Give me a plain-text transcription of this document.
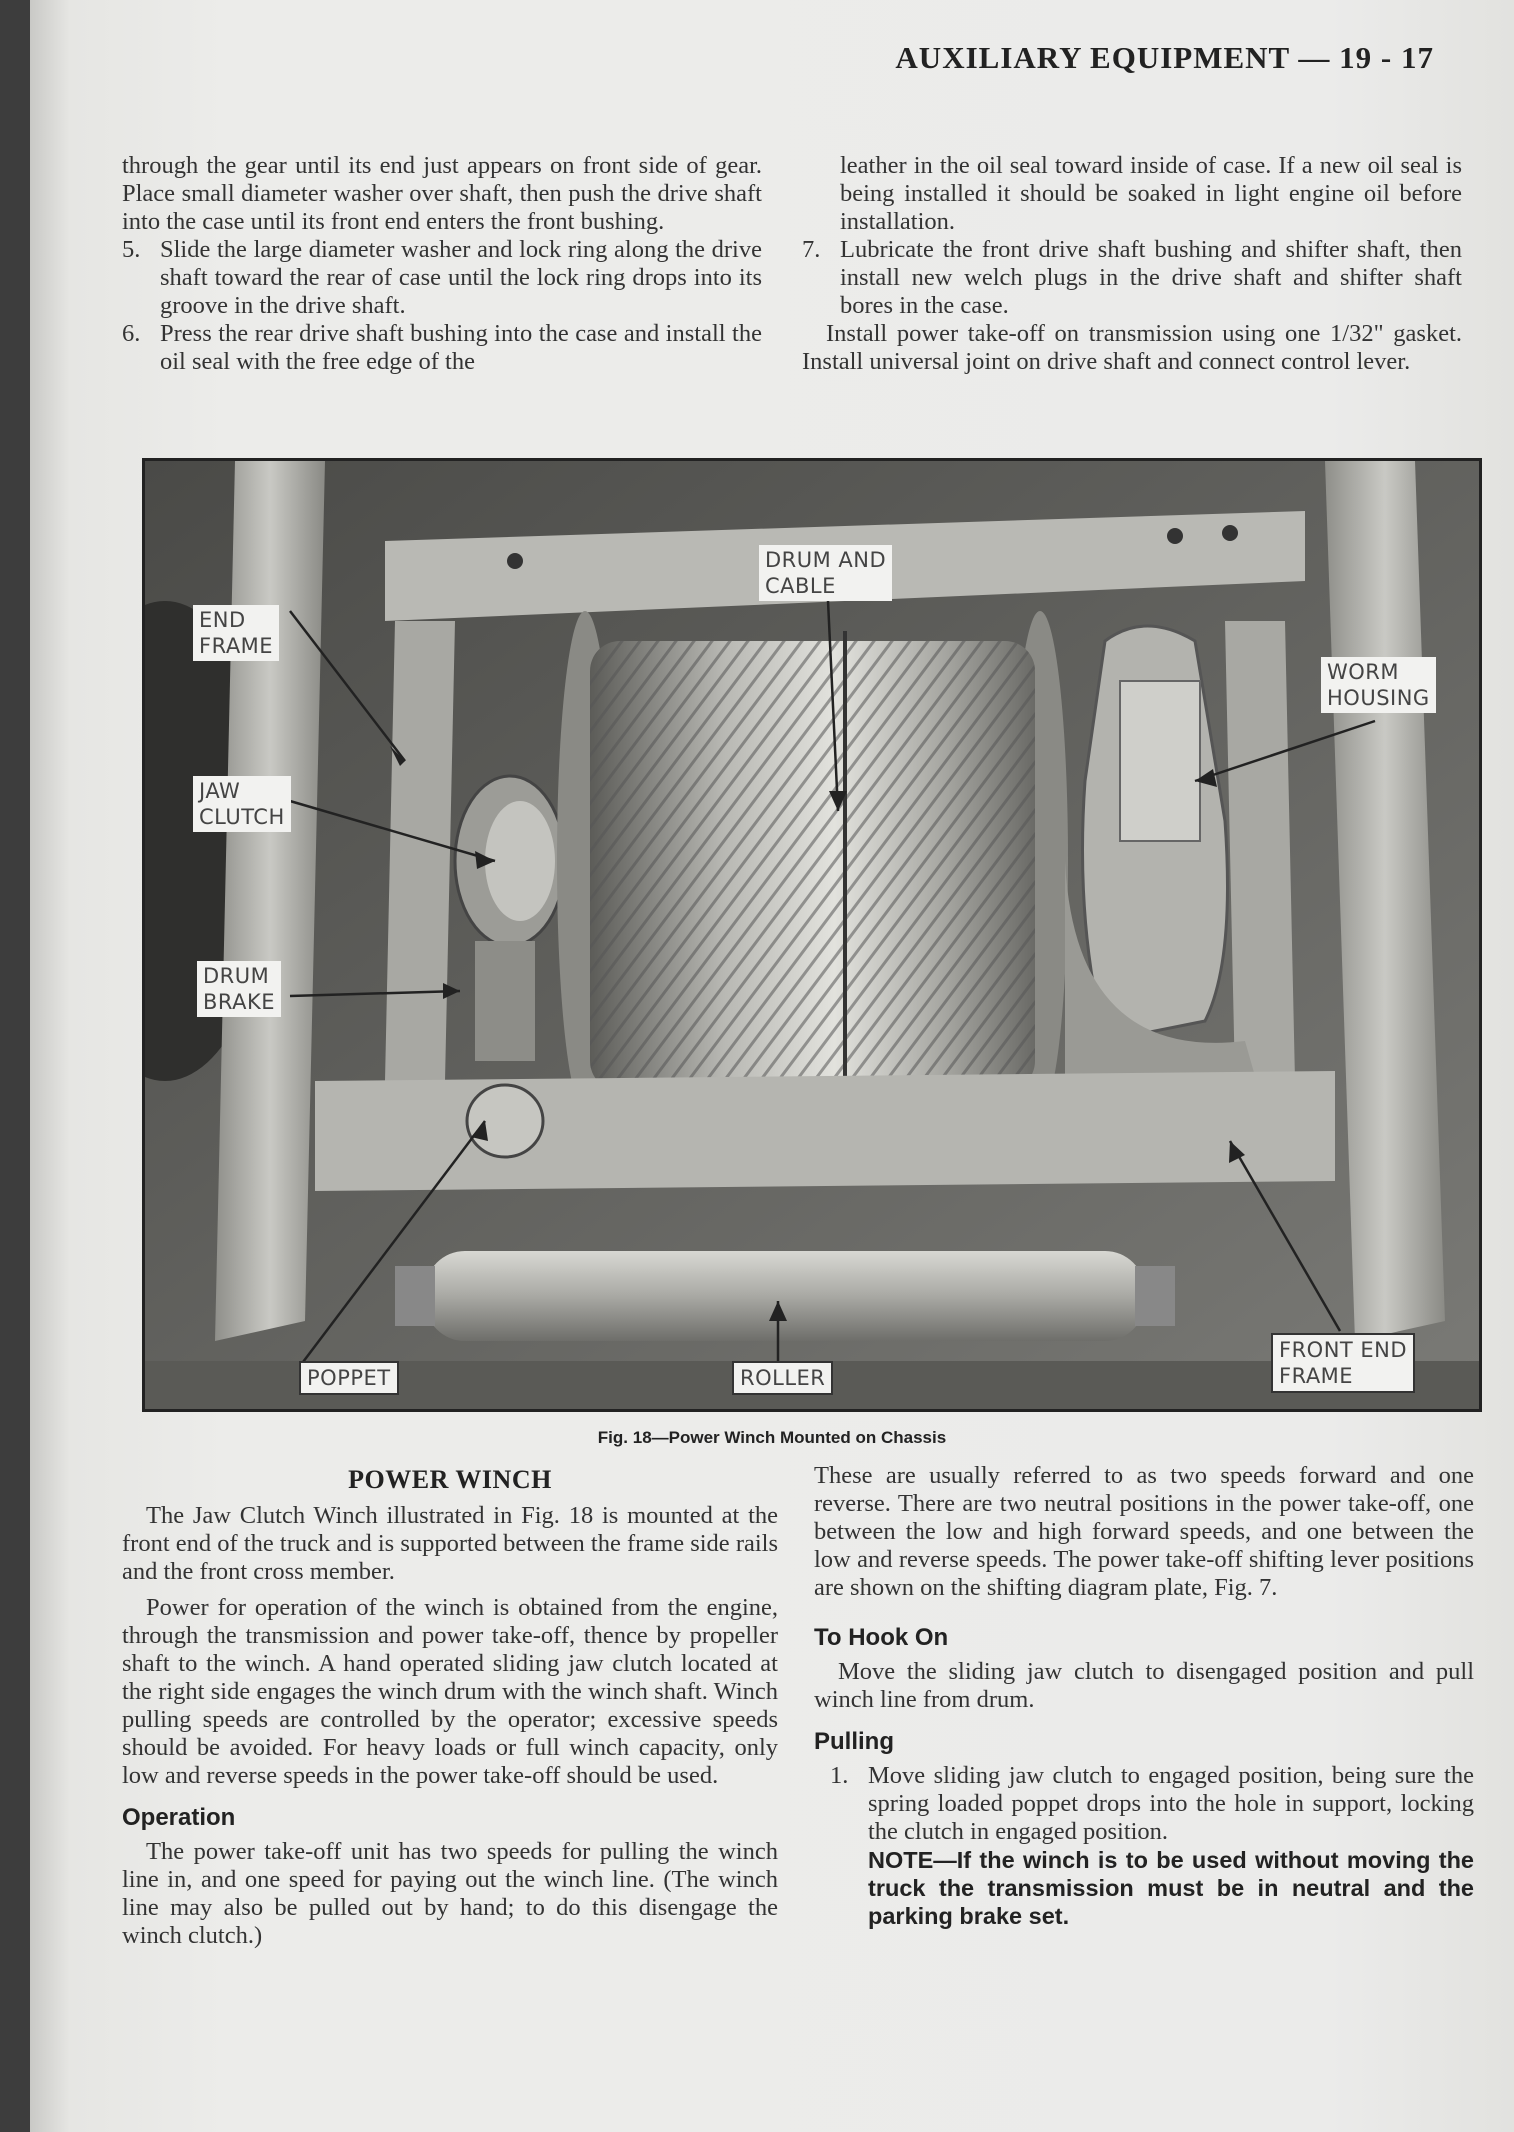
AUXILIARY EQUIPMENT — 19 - 17

through the gear until its end just appears on front side of gear. Place small diameter washer over shaft, then push the drive shaft into the case until its front end enters the front bushing.

5. Slide the large diameter washer and lock ring along the drive shaft toward the rear of case until the lock ring drops into its groove in the drive shaft.

6. Press the rear drive shaft bushing into the case and install the oil seal with the free edge of the

leather in the oil seal toward inside of case. If a new oil seal is being installed it should be soaked in light engine oil before installation.

7. Lubricate the front drive shaft bushing and shifter shaft, then install new welch plugs in the drive shaft and shifter shaft bores in the case.

Install power take-off on transmission using one 1/32" gasket. Install universal joint on drive shaft and connect control lever.

END
FRAME
JAW
CLUTCH
DRUM
BRAKE
DRUM AND
CABLE
WORM
HOUSING
POPPET	ROLLER
FRONT END
FRAME
Fig. 18—Power Winch Mounted on Chassis

POWER WINCH

The Jaw Clutch Winch illustrated in Fig. 18 is mounted at the front end of the truck and is supported between the frame side rails and the front cross member.

Power for operation of the winch is obtained from the engine, through the transmission and power take-off, thence by propeller shaft to the winch. A hand operated sliding jaw clutch located at the right side engages the winch drum with the winch shaft. Winch pulling speeds are controlled by the operator; excessive speeds should be avoided. For heavy loads or full winch capacity, only low and reverse speeds in the power take-off should be used.

Operation

The power take-off unit has two speeds for pulling the winch line in, and one speed for paying out the winch line. (The winch line may also be pulled out by hand; to do this disengage the winch clutch.)

These are usually referred to as two speeds forward and one reverse. There are two neutral positions in the power take-off, one between the low and high forward speeds, and one between the low and reverse speeds. The power take-off shifting lever positions are shown on the shifting diagram plate, Fig. 7.

To Hook On

Move the sliding jaw clutch to disengaged position and pull winch line from drum.

Pulling

1. Move sliding jaw clutch to engaged position, being sure the spring loaded poppet drops into the hole in support, locking the clutch in engaged position.

NOTE—If the winch is to be used without moving the truck the transmission must be in neutral and the parking brake set.
